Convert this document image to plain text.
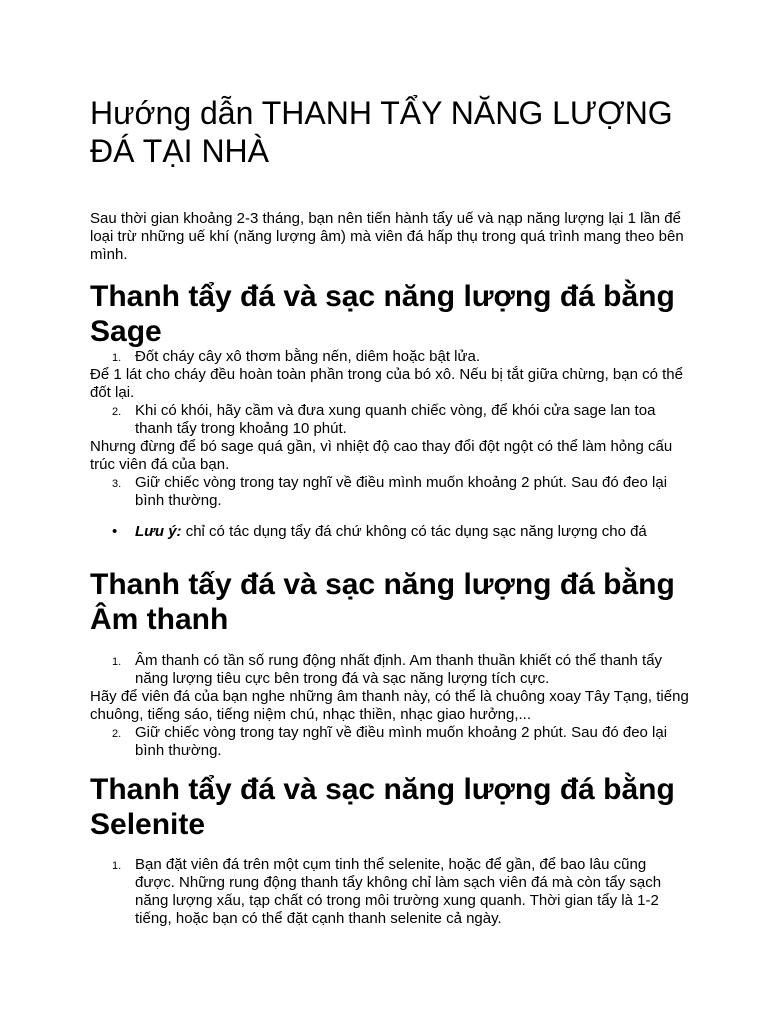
Hướng dẫn THANH TẨY NĂNG LƯỢNG ĐÁ TẠI NHÀ

Sau thời gian khoảng 2-3 tháng, bạn nên tiến hành tẩy uế và nạp năng lượng lại 1 lần để loại trừ những uế khí (năng lượng âm) mà viên đá hấp thụ trong quá trình mang theo bên mình.

Thanh tẩy đá và sạc năng lượng đá bằng Sage
1. Đốt cháy cây xô thơm bằng nến, diêm hoặc bật lửa.

Để 1 lát cho cháy đều hoàn toàn phần trong của bó xô. Nếu bị tắt giữa chừng, bạn có thể đốt lại.

2. Khi có khói, hãy cầm và đưa xung quanh chiếc vòng, để khói cửa sage lan toa thanh tẩy trong khoảng 10 phút.

Nhưng đừng để bó sage quá gần, vì nhiệt độ cao thay đổi đột ngột có thể làm hỏng cấu trúc viên đá của bạn.

3. Giữ chiếc vòng trong tay nghĩ về điều mình muốn khoảng 2 phút. Sau đó đeo lại bình thường.
• Lưu ý: chỉ có tác dụng tẩy đá chứ không có tác dụng sạc năng lượng cho đá
Thanh tấy đá và sạc năng lượng đá bằng Âm thanh
1. Âm thanh có tần số rung động nhất định. Am thanh thuần khiết có thể thanh tẩy năng lượng tiêu cực bên trong đá và sạc năng lượng tích cực.

Hãy để viên đá của bạn nghe những âm thanh này, có thể là chuông xoay Tây Tạng, tiếng chuông, tiếng sáo, tiếng niệm chú, nhạc thiền, nhạc giao hưởng,...

2. Giữ chiếc vòng trong tay nghĩ về điều mình muốn khoảng 2 phút. Sau đó đeo lại bình thường.
Thanh tẩy đá và sạc năng lượng đá bằng Selenite
1. Bạn đặt viên đá trên một cụm tinh thể selenite, hoặc để gần, để bao lâu cũng được. Những rung động thanh tẩy không chỉ làm sạch viên đá mà còn tẩy sạch năng lượng xấu, tạp chất có trong môi trường xung quanh. Thời gian tẩy là 1-2 tiếng, hoặc bạn có thể đặt cạnh thanh selenite cả ngày.
